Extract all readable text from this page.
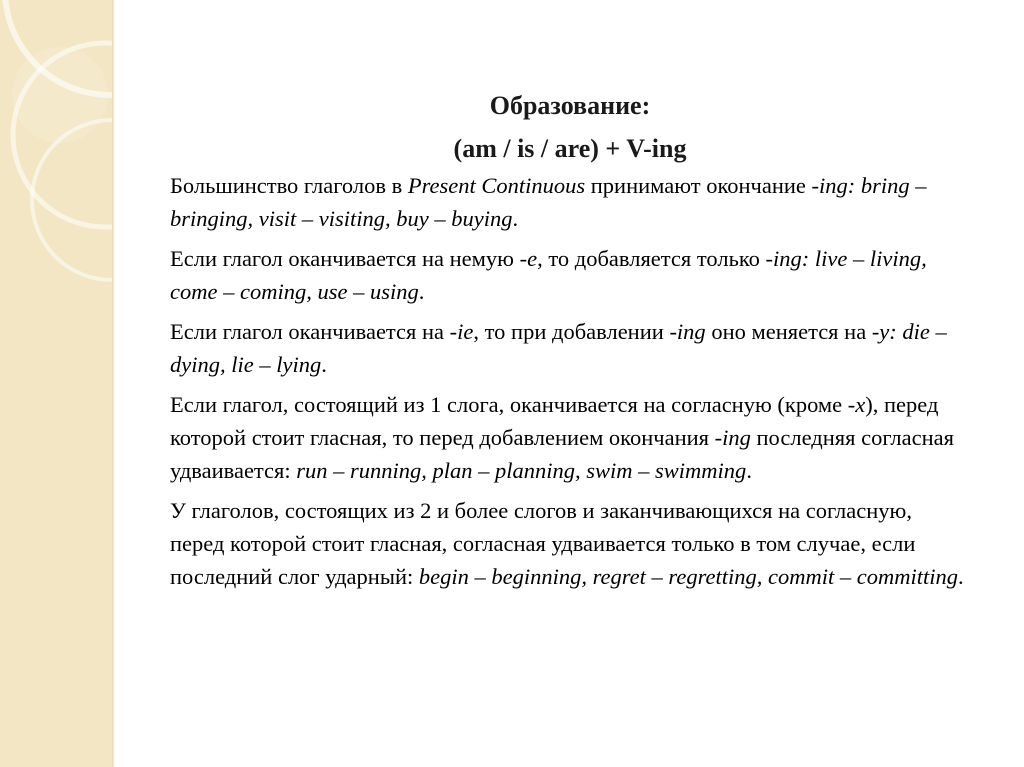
Образование:
(am / is / are) + V-ing

Большинство глаголов в Present Continuous принимают окончание -ing: bring – bringing, visit – visiting, buy – buying.

Если глагол оканчивается на немую -e, то добавляется только -ing: live – living, come – coming, use – using.

Если глагол оканчивается на -ie, то при добавлении -ing оно меняется на -y: die – dying, lie – lying.

Если глагол, состоящий из 1 слога, оканчивается на согласную (кроме -x), перед которой стоит гласная, то перед добавлением окончания -ing последняя согласная удваивается: run – running, plan – planning, swim – swimming.

У глаголов, состоящих из 2 и более слогов и заканчивающихся на согласную, перед которой стоит гласная, согласная удваивается только в том случае, если последний слог ударный: begin – beginning, regret – regretting, commit – committing.
